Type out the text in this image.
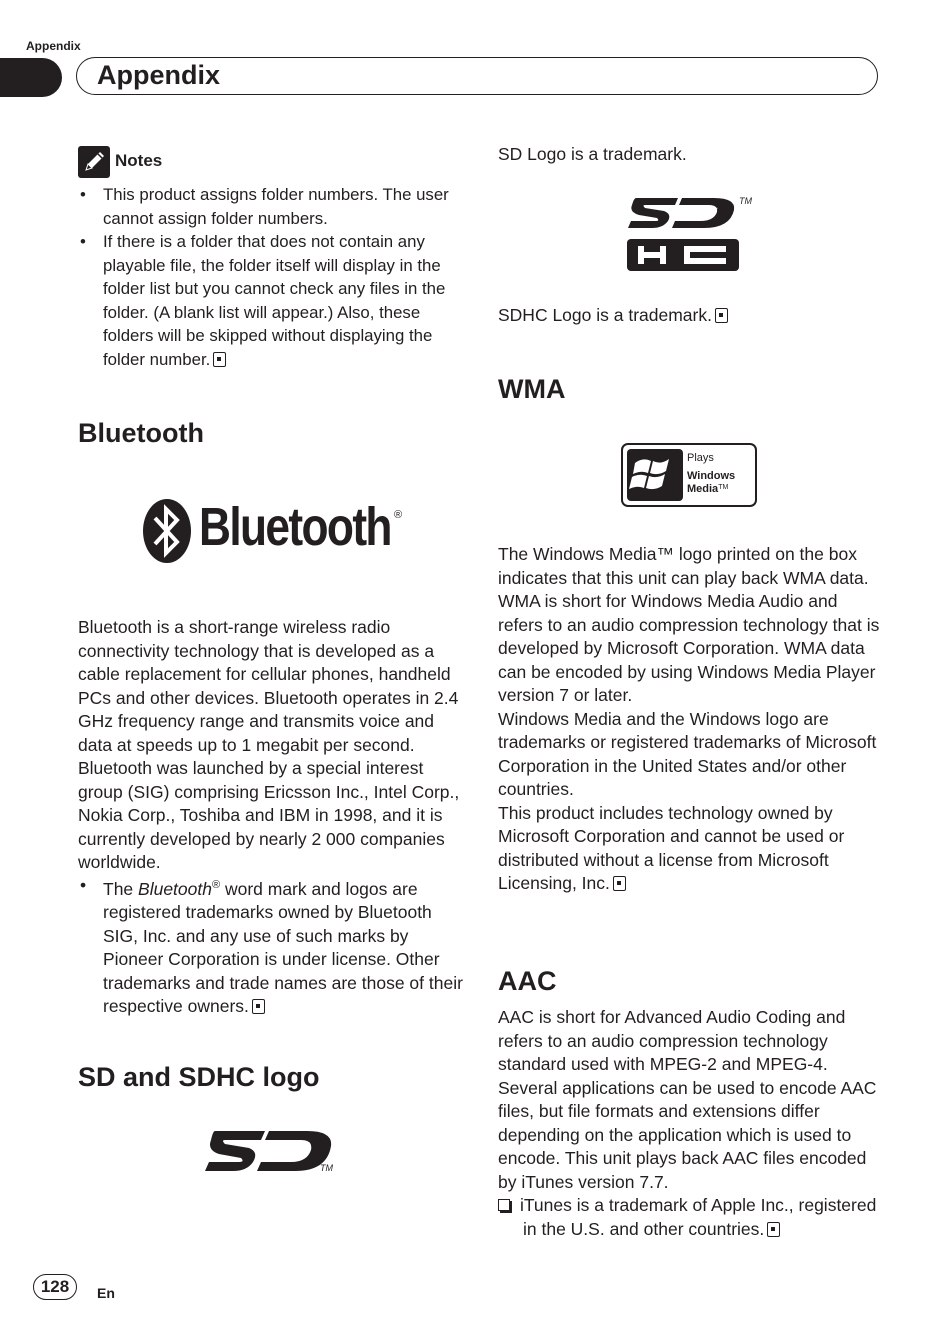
Appendix
Appendix
Notes
• This product assigns folder numbers. The user cannot assign folder numbers.
• If there is a folder that does not contain any playable file, the folder itself will display in the folder list but you cannot check any files in the folder. (A blank list will appear.) Also, these folders will be skipped without displaying the folder number.
Bluetooth
Bluetooth ®
Bluetooth is a short-range wireless radio connectivity technology that is developed as a cable replacement for cellular phones, handheld PCs and other devices. Bluetooth operates in 2.4 GHz frequency range and transmits voice and data at speeds up to 1 megabit per second. Bluetooth was launched by a special interest group (SIG) comprising Ericsson Inc., Intel Corp., Nokia Corp., Toshiba and IBM in 1998, and it is currently developed by nearly 2 000 companies worldwide.
• The Bluetooth® word mark and logos are registered trademarks owned by Bluetooth SIG, Inc. and any use of such marks by Pioneer Corporation is under license. Other trademarks and trade names are those of their respective owners.
SD and SDHC logo
TM
SD Logo is a trademark.
TM
SDHC Logo is a trademark.
WMA
TM
Plays
Windows
Media™
The Windows Media™ logo printed on the box indicates that this unit can play back WMA data.
WMA is short for Windows Media Audio and refers to an audio compression technology that is developed by Microsoft Corporation. WMA data can be encoded by using Windows Media Player version 7 or later.
Windows Media and the Windows logo are trademarks or registered trademarks of Microsoft Corporation in the United States and/or other countries.
This product includes technology owned by Microsoft Corporation and cannot be used or distributed without a license from Microsoft Licensing, Inc.
AAC
AAC is short for Advanced Audio Coding and refers to an audio compression technology standard used with MPEG-2 and MPEG-4. Several applications can be used to encode AAC files, but file formats and extensions differ depending on the application which is used to encode. This unit plays back AAC files encoded by iTunes version 7.7.
iTunes is a trademark of Apple Inc., registered in the U.S. and other countries.
128	En
